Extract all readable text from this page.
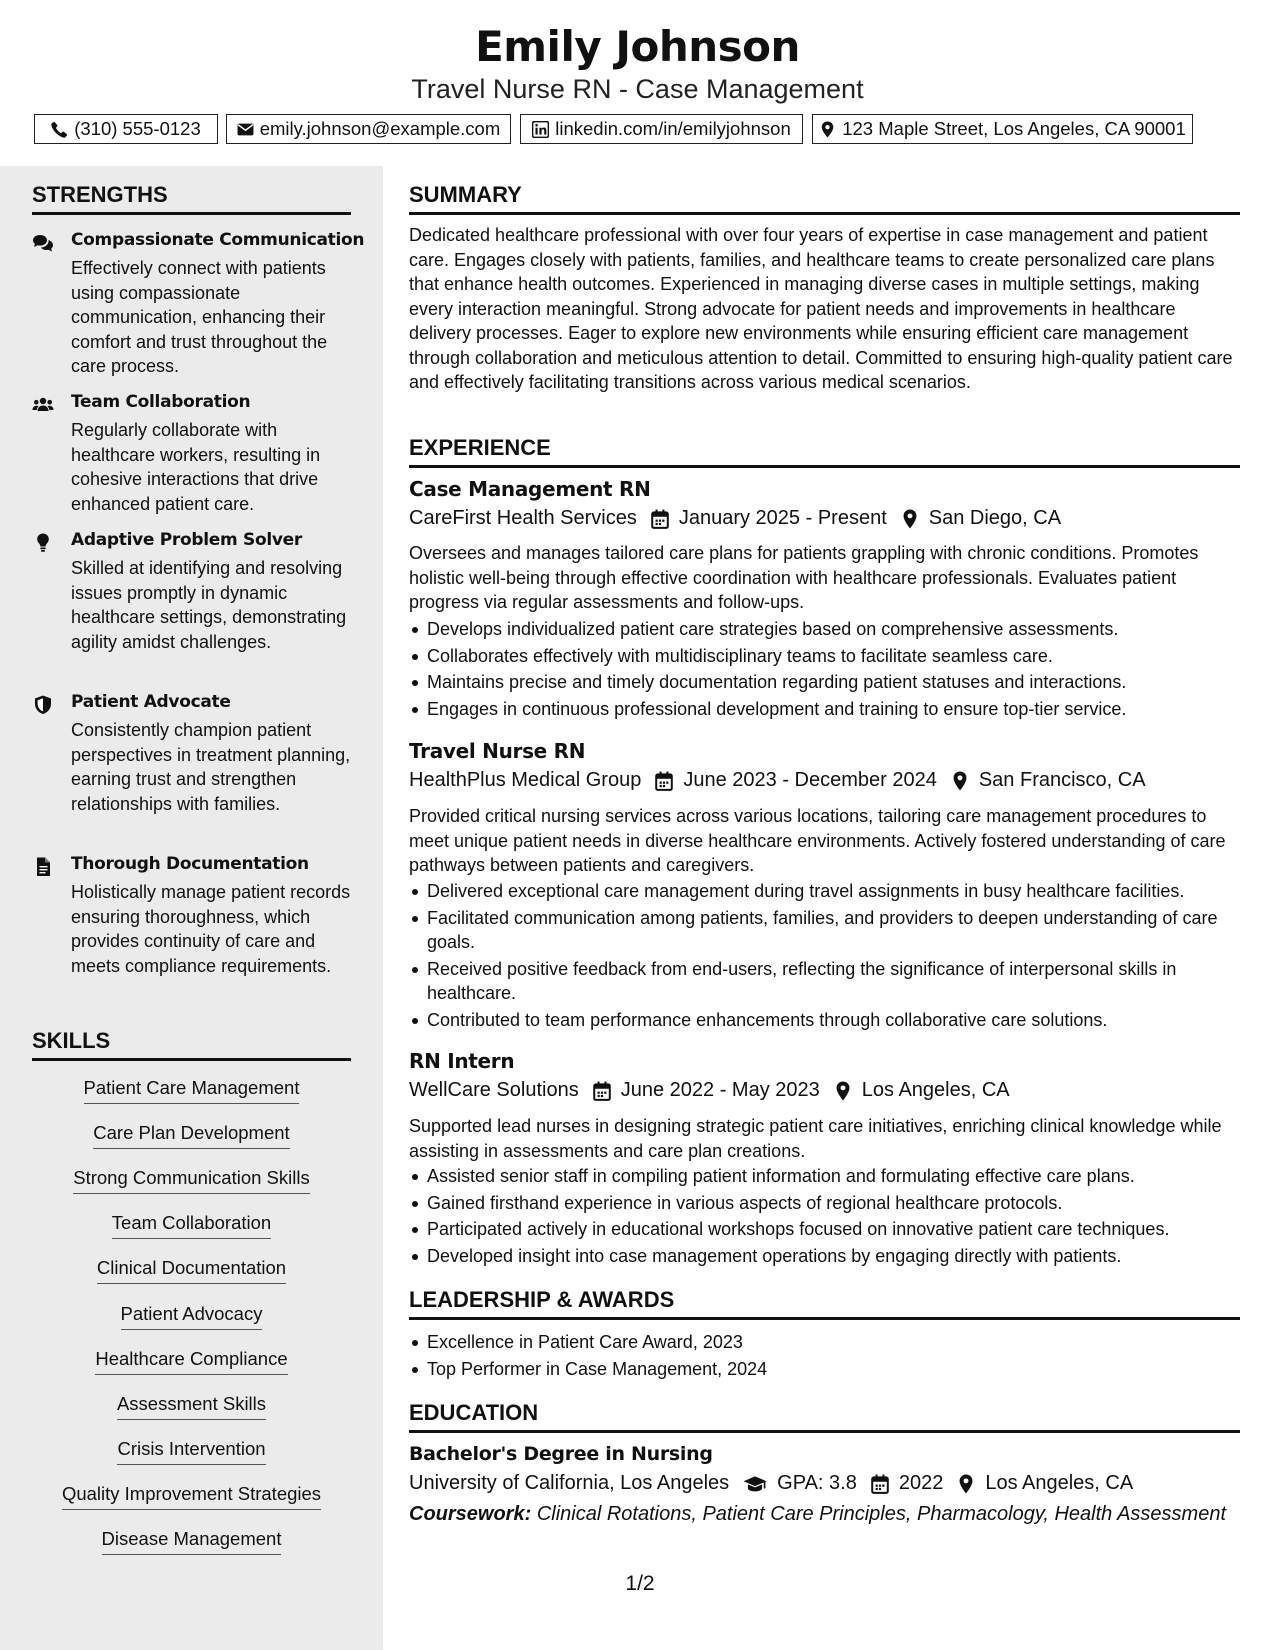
Emily Johnson
Travel Nurse RN - Case Management
(310) 555-0123	emily.johnson@example.com	linkedin.com/in/emilyjohnson	123 Maple Street, Los Angeles, CA 90001
STRENGTHS
Compassionate Communication
Effectively connect with patients using compassionate communication, enhancing their comfort and trust throughout the care process.
Team Collaboration
Regularly collaborate with healthcare workers, resulting in cohesive interactions that drive enhanced patient care.
Adaptive Problem Solver
Skilled at identifying and resolving issues promptly in dynamic healthcare settings, demonstrating agility amidst challenges.
Patient Advocate
Consistently champion patient perspectives in treatment planning, earning trust and strengthen relationships with families.
Thorough Documentation
Holistically manage patient records ensuring thoroughness, which provides continuity of care and meets compliance requirements.
SKILLS
Patient Care Management
Care Plan Development
Strong Communication Skills
Team Collaboration
Clinical Documentation
Patient Advocacy
Healthcare Compliance
Assessment Skills
Crisis Intervention
Quality Improvement Strategies
Disease Management
SUMMARY
Dedicated healthcare professional with over four years of expertise in case management and patient care. Engages closely with patients, families, and healthcare teams to create personalized care plans that enhance health outcomes. Experienced in managing diverse cases in multiple settings, making every interaction meaningful. Strong advocate for patient needs and improvements in healthcare delivery processes. Eager to explore new environments while ensuring efficient care management through collaboration and meticulous attention to detail. Committed to ensuring high-quality patient care and effectively facilitating transitions across various medical scenarios.
EXPERIENCE
Case Management RN
CareFirst Health Services January 2025 - Present San Diego, CA
Oversees and manages tailored care plans for patients grappling with chronic conditions. Promotes holistic well-being through effective coordination with healthcare professionals. Evaluates patient progress via regular assessments and follow-ups.
Develops individualized patient care strategies based on comprehensive assessments.
Collaborates effectively with multidisciplinary teams to facilitate seamless care.
Maintains precise and timely documentation regarding patient statuses and interactions.
Engages in continuous professional development and training to ensure top-tier service.
Travel Nurse RN
HealthPlus Medical Group June 2023 - December 2024 San Francisco, CA
Provided critical nursing services across various locations, tailoring care management procedures to meet unique patient needs in diverse healthcare environments. Actively fostered understanding of care pathways between patients and caregivers.
Delivered exceptional care management during travel assignments in busy healthcare facilities.
Facilitated communication among patients, families, and providers to deepen understanding of care goals.
Received positive feedback from end-users, reflecting the significance of interpersonal skills in healthcare.
Contributed to team performance enhancements through collaborative care solutions.
RN Intern
WellCare Solutions June 2022 - May 2023 Los Angeles, CA
Supported lead nurses in designing strategic patient care initiatives, enriching clinical knowledge while assisting in assessments and care plan creations.
Assisted senior staff in compiling patient information and formulating effective care plans.
Gained firsthand experience in various aspects of regional healthcare protocols.
Participated actively in educational workshops focused on innovative patient care techniques.
Developed insight into case management operations by engaging directly with patients.
LEADERSHIP & AWARDS
Excellence in Patient Care Award, 2023
Top Performer in Case Management, 2024
EDUCATION
Bachelor's Degree in Nursing
University of California, Los Angeles GPA: 3.8 2022 Los Angeles, CA
Coursework: Clinical Rotations, Patient Care Principles, Pharmacology, Health Assessment
1/2
